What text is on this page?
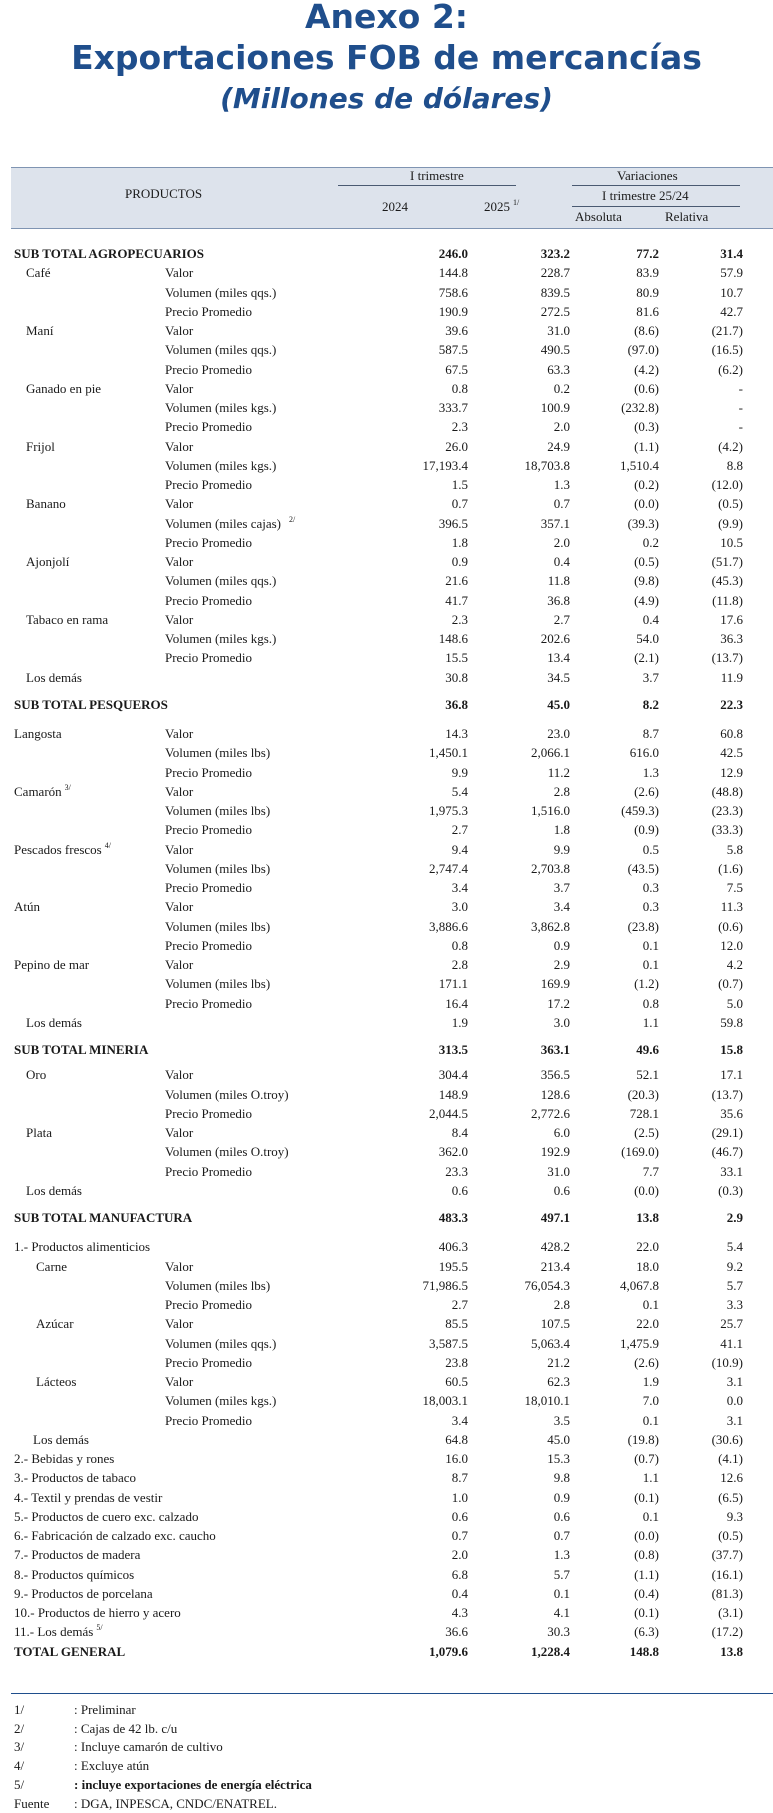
Anexo 2:
Exportaciones FOB de mercancías
(Millones de dólares)
PRODUCTOS
I trimestre
2024	2025 $^{1/}$
Variaciones
I trimestre 25/24
Absoluta	Relativa
SUB TOTAL AGROPECUARIOS	246.0	323.2	77.2	31.4
Café	Valor	144.8	228.7	83.9	57.9
Volumen (miles qqs.)	758.6	839.5	80.9	10.7
Precio Promedio	190.9	272.5	81.6	42.7
Maní	Valor	39.6	31.0	(8.6)	(21.7)
Volumen (miles qqs.)	587.5	490.5	(97.0)	(16.5)
Precio Promedio	67.5	63.3	(4.2)	(6.2)
Ganado en pie	Valor	0.8	0.2	(0.6)	-
Volumen (miles kgs.)	333.7	100.9	(232.8)	-
Precio Promedio	2.3	2.0	(0.3)	-
Frijol	Valor	26.0	24.9	(1.1)	(4.2)
Volumen (miles kgs.)	17,193.4	18,703.8	1,510.4	8.8
Precio Promedio	1.5	1.3	(0.2)	(12.0)
Banano	Valor	0.7	0.7	(0.0)	(0.5)
Volumen (miles cajas) $^{2/}$	396.5	357.1	(39.3)	(9.9)
Precio Promedio	1.8	2.0	0.2	10.5
Ajonjolí	Valor	0.9	0.4	(0.5)	(51.7)
Volumen (miles qqs.)	21.6	11.8	(9.8)	(45.3)
Precio Promedio	41.7	36.8	(4.9)	(11.8)
Tabaco en rama	Valor	2.3	2.7	0.4	17.6
Volumen (miles kgs.)	148.6	202.6	54.0	36.3
Precio Promedio	15.5	13.4	(2.1)	(13.7)
Los demás	30.8	34.5	3.7	11.9
SUB TOTAL PESQUEROS	36.8	45.0	8.2	22.3
Langosta	Valor	14.3	23.0	8.7	60.8
Volumen (miles lbs)	1,450.1	2,066.1	616.0	42.5
Precio Promedio	9.9	11.2	1.3	12.9
Camarón $^{3/}$	Valor	5.4	2.8	(2.6)	(48.8)
Volumen (miles lbs)	1,975.3	1,516.0	(459.3)	(23.3)
Precio Promedio	2.7	1.8	(0.9)	(33.3)
Pescados frescos $^{4/}$	Valor	9.4	9.9	0.5	5.8
Volumen (miles lbs)	2,747.4	2,703.8	(43.5)	(1.6)
Precio Promedio	3.4	3.7	0.3	7.5
Atún	Valor	3.0	3.4	0.3	11.3
Volumen (miles lbs)	3,886.6	3,862.8	(23.8)	(0.6)
Precio Promedio	0.8	0.9	0.1	12.0
Pepino de mar	Valor	2.8	2.9	0.1	4.2
Volumen (miles lbs)	171.1	169.9	(1.2)	(0.7)
Precio Promedio	16.4	17.2	0.8	5.0
Los demás	1.9	3.0	1.1	59.8
SUB TOTAL MINERIA	313.5	363.1	49.6	15.8
Oro	Valor	304.4	356.5	52.1	17.1
Volumen (miles O.troy)	148.9	128.6	(20.3)	(13.7)
Precio Promedio	2,044.5	2,772.6	728.1	35.6
Plata	Valor	8.4	6.0	(2.5)	(29.1)
Volumen (miles O.troy)	362.0	192.9	(169.0)	(46.7)
Precio Promedio	23.3	31.0	7.7	33.1
Los demás	0.6	0.6	(0.0)	(0.3)
SUB TOTAL MANUFACTURA	483.3	497.1	13.8	2.9
1.- Productos alimenticios	406.3	428.2	22.0	5.4
Carne	Valor	195.5	213.4	18.0	9.2
Volumen (miles lbs)	71,986.5	76,054.3	4,067.8	5.7
Precio Promedio	2.7	2.8	0.1	3.3
Azúcar	Valor	85.5	107.5	22.0	25.7
Volumen (miles qqs.)	3,587.5	5,063.4	1,475.9	41.1
Precio Promedio	23.8	21.2	(2.6)	(10.9)
Lácteos	Valor	60.5	62.3	1.9	3.1
Volumen (miles kgs.)	18,003.1	18,010.1	7.0	0.0
Precio Promedio	3.4	3.5	0.1	3.1
Los demás	64.8	45.0	(19.8)	(30.6)
2.- Bebidas y rones	16.0	15.3	(0.7)	(4.1)
3.- Productos de tabaco	8.7	9.8	1.1	12.6
4.- Textil y prendas de vestir	1.0	0.9	(0.1)	(6.5)
5.- Productos de cuero exc. calzado	0.6	0.6	0.1	9.3
6.- Fabricación de calzado exc. caucho	0.7	0.7	(0.0)	(0.5)
7.- Productos de madera	2.0	1.3	(0.8)	(37.7)
8.- Productos químicos	6.8	5.7	(1.1)	(16.1)
9.- Productos de porcelana	0.4	0.1	(0.4)	(81.3)
10.- Productos de hierro y acero	4.3	4.1	(0.1)	(3.1)
11.- Los demás $^{5/}$	36.6	30.3	(6.3)	(17.2)
TOTAL GENERAL	1,079.6	1,228.4	148.8	13.8
1/	: Preliminar
2/	: Cajas de 42 lb. c/u
3/	: Incluye camarón de cultivo
4/	: Excluye atún
5/	: incluye exportaciones de energía eléctrica
Fuente : DGA, INPESCA, CNDC/ENATREL.
